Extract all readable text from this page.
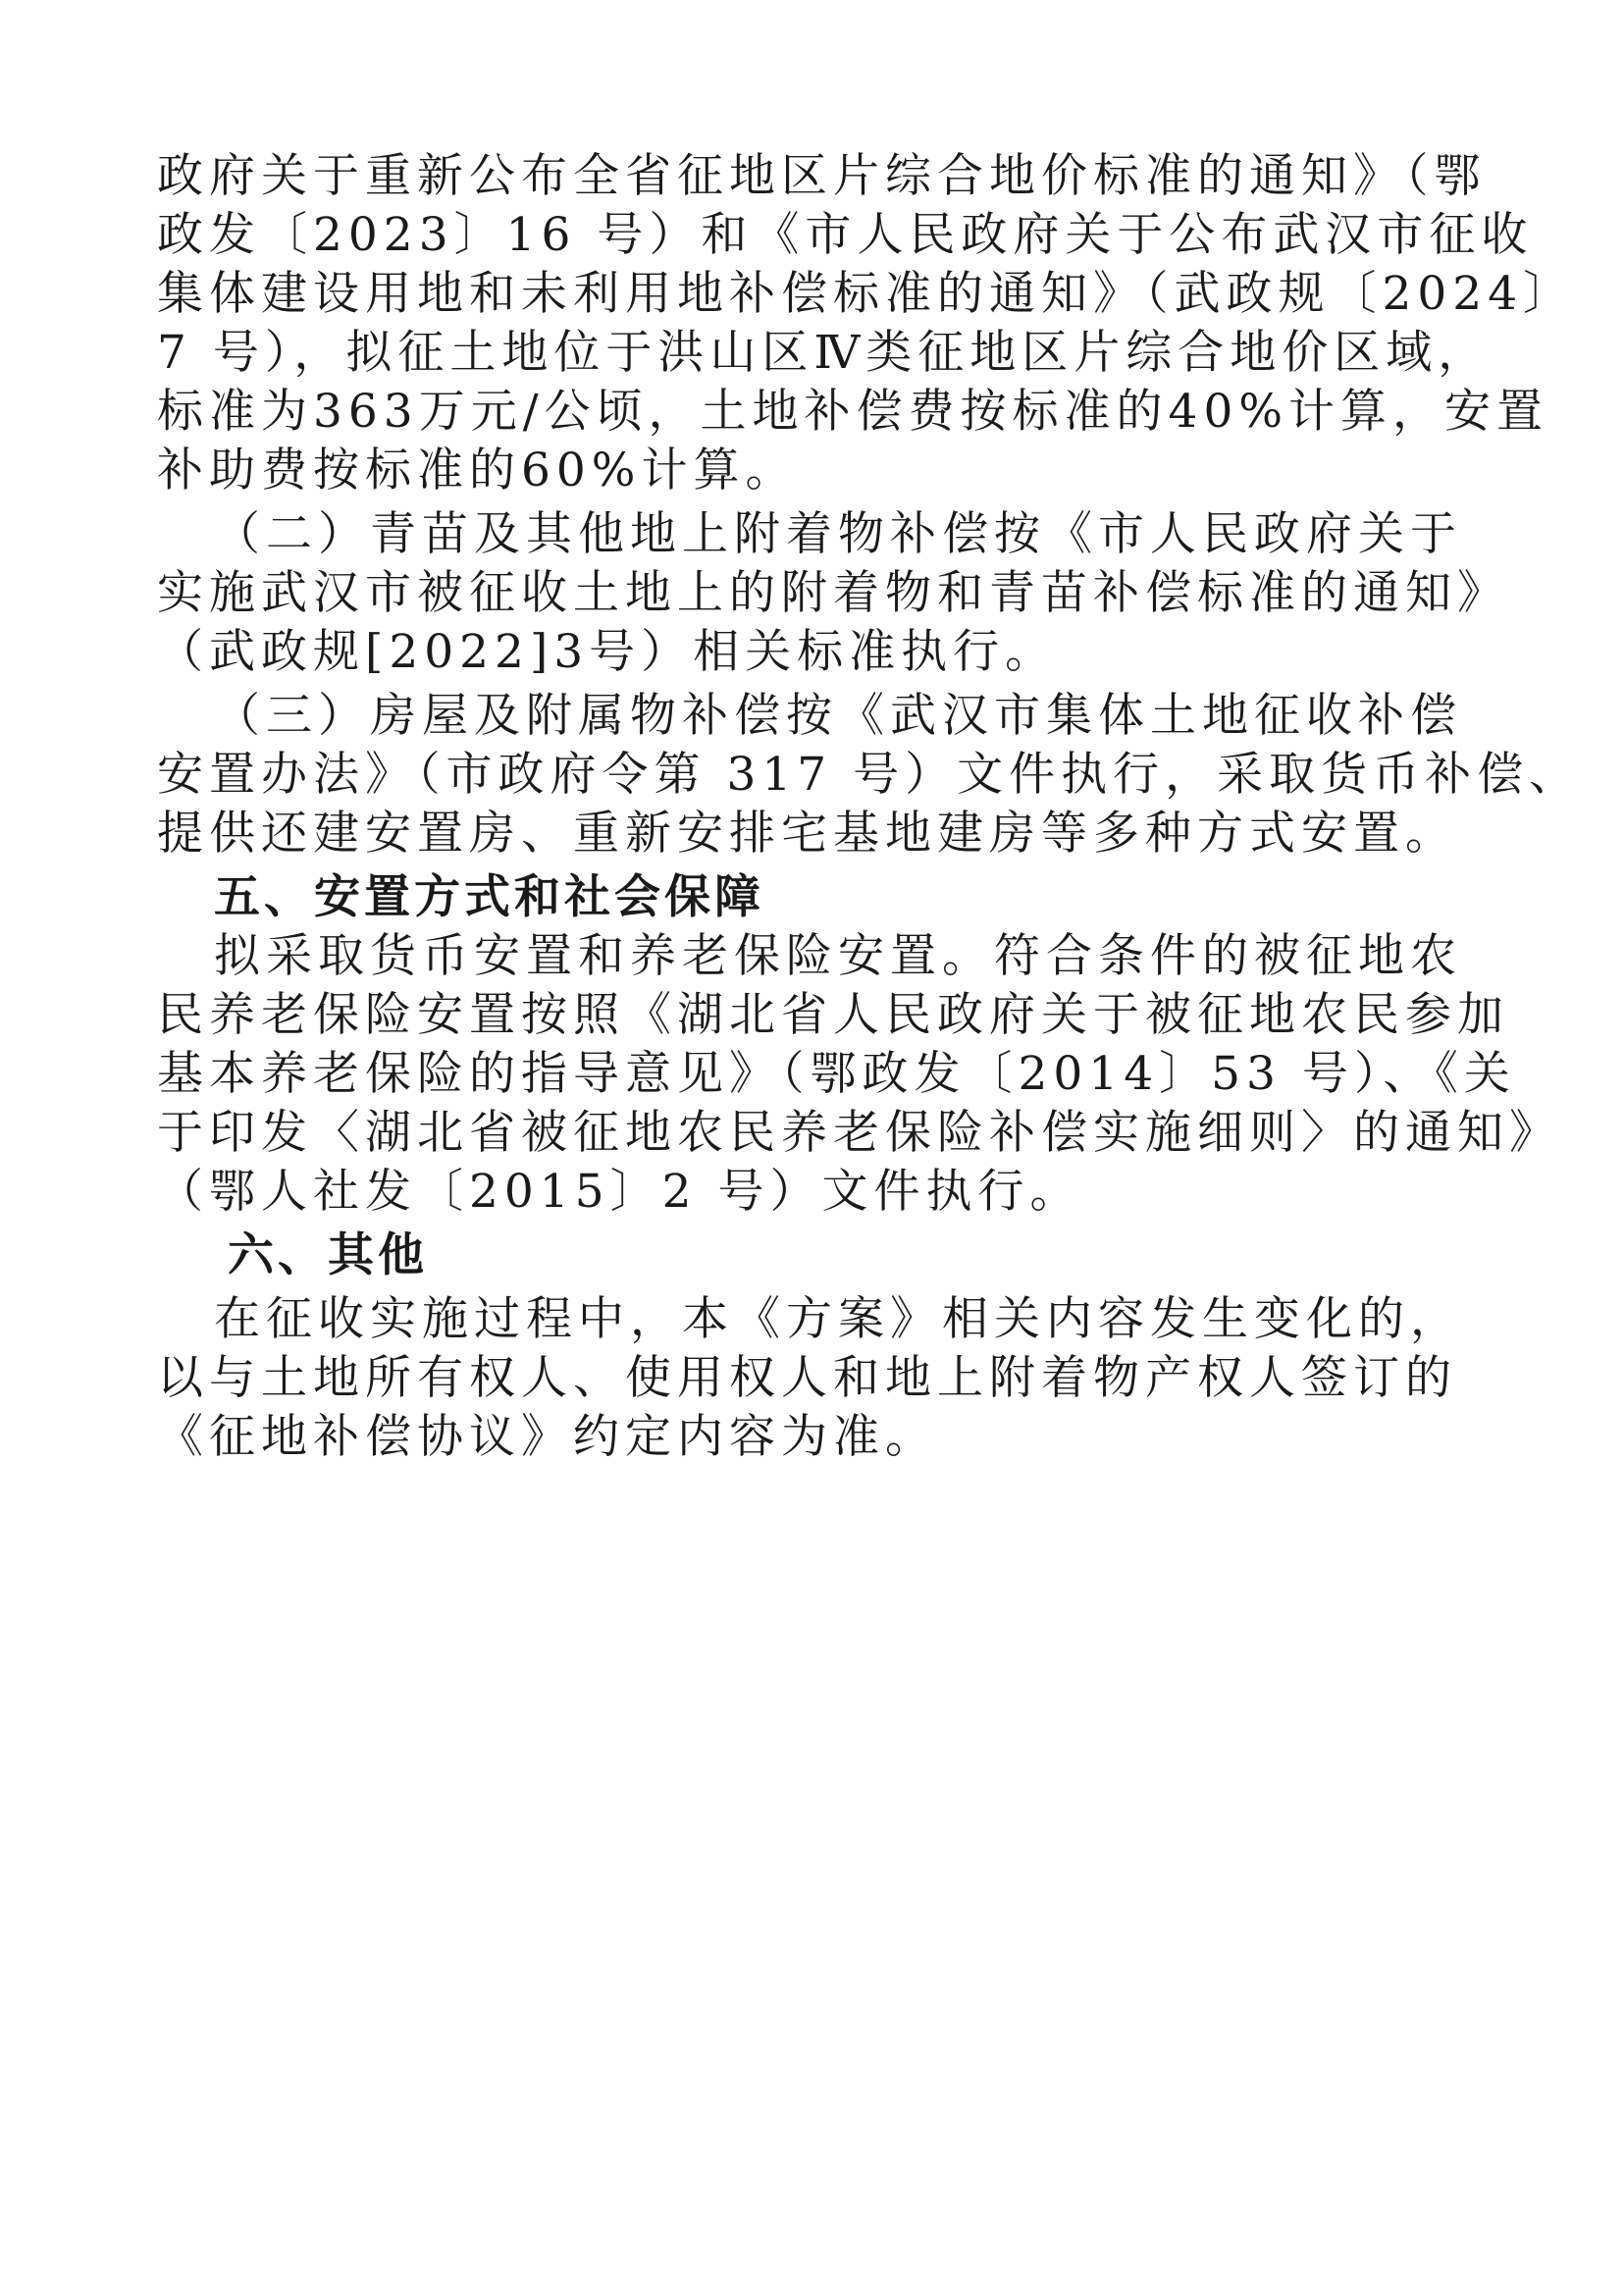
政府关于重新公布全省征地区片综合地价标准的通知》（鄂
政发〔2023〕16 号）和《市人民政府关于公布武汉市征收
集体建设用地和未利用地补偿标准的通知》（武政规〔2024〕
7 号），拟征土地位于洪山区Ⅳ类征地区片综合地价区域，
标准为363万元/公顷，土地补偿费按标准的40%计算，安置
补助费按标准的60%计算。
（二）青苗及其他地上附着物补偿按《市人民政府关于
实施武汉市被征收土地上的附着物和青苗补偿标准的通知》
（武政规[2022]3号）相关标准执行。
（三）房屋及附属物补偿按《武汉市集体土地征收补偿
安置办法》（市政府令第 317 号）文件执行，采取货币补偿、
提供还建安置房、重新安排宅基地建房等多种方式安置。
五、安置方式和社会保障
拟采取货币安置和养老保险安置。符合条件的被征地农
民养老保险安置按照《湖北省人民政府关于被征地农民参加
基本养老保险的指导意见》（鄂政发〔2014〕53 号）、《关
于印发〈湖北省被征地农民养老保险补偿实施细则〉的通知》
（鄂人社发〔2015〕2 号）文件执行。
六、其他
在征收实施过程中，本《方案》相关内容发生变化的，
以与土地所有权人、使用权人和地上附着物产权人签订的
《征地补偿协议》约定内容为准。
